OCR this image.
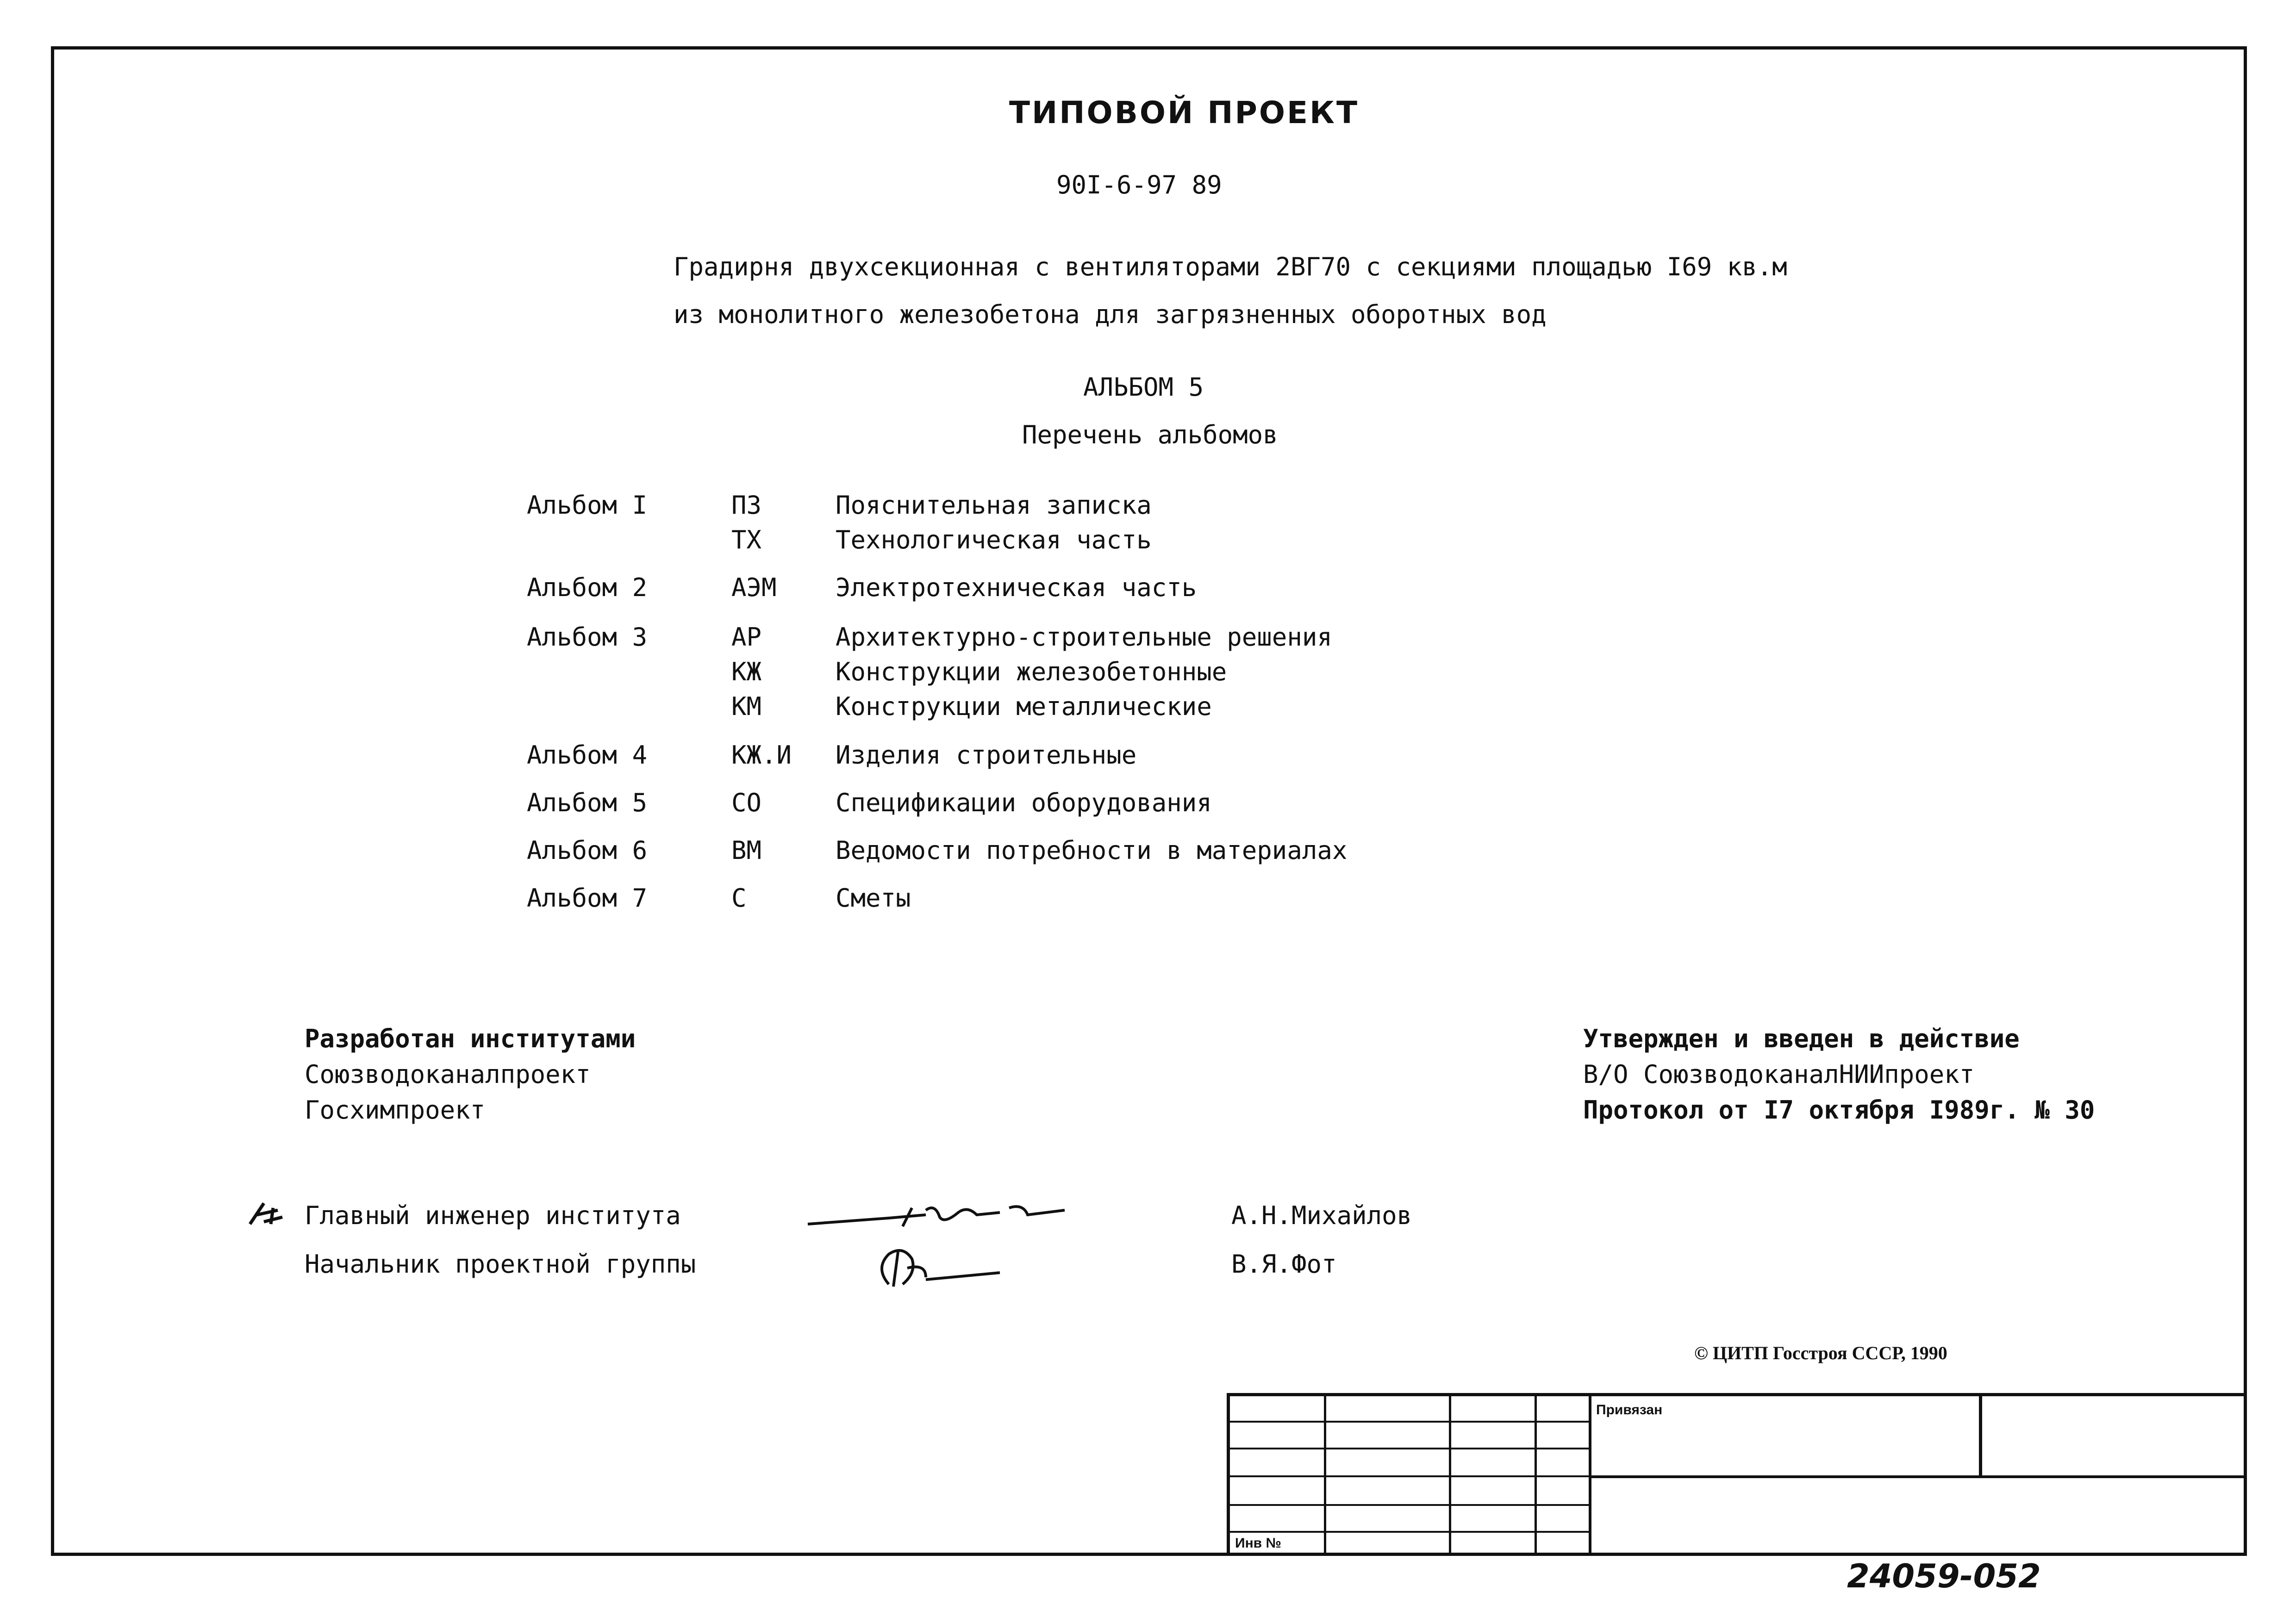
ТИПОВОЙ ПРОЕКТ
90I-6-97 89
Градирня двухсекционная с вентиляторами 2ВГ70 с секциями площадью I69 кв.м
из монолитного железобетона для загрязненных оборотных вод
АЛЬБОМ 5
Перечень альбомов
Альбом I	ПЗ	Пояснительная записка
ТХ	Технологическая часть
Альбом 2	АЭМ Электротехническая часть
Альбом 3	АР	Архитектурно-строительные решения
КЖ	Конструкции железобетонные
КМ	Конструкции металлические
Альбом 4	КЖ.И Изделия строительные
Альбом 5	СО	Спецификации оборудования
Альбом 6	ВМ	Ведомости потребности в материалах
Альбом 7	С	Сметы
Разработан институтами
Союзводоканалпроект
Госхимпроект
Утвержден и введен в действие
В/О СоюзводоканалНИИпроект
Протокол от I7 октября I989г. № 30
Главный инженер института
Начальник проектной группы
А.Н.Михайлов
В.Я.Фот
© ЦИТП Госстроя СССР, 1990
Привязан
Инв №
24059-05 2
